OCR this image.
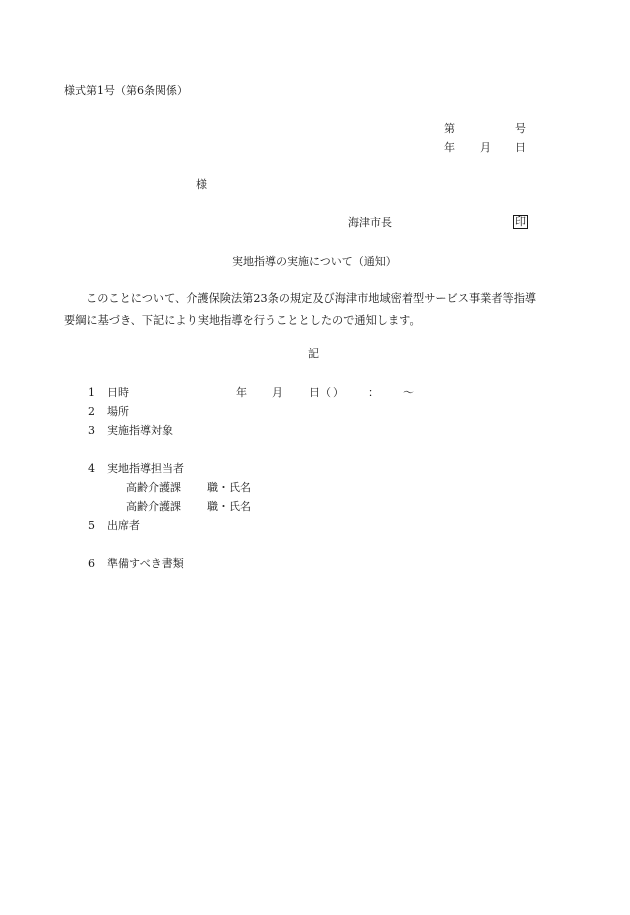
様式第1号（第6条関係）
第	号
年 月 日
様
海津市長	印
実地指導の実施について（通知）
このことについて、介護保険法第23条の規定及び海津市地域密着型サービス事業者等指導要綱に基づき、下記により実地指導を行うこととしたので通知します。
記
1 日時	年 月 日（ ） ： ～
2 場所
3 実施指導対象
4 実地指導担当者
高齢介護課 職・氏名
高齢介護課 職・氏名
5 出席者
6 準備すべき書類
